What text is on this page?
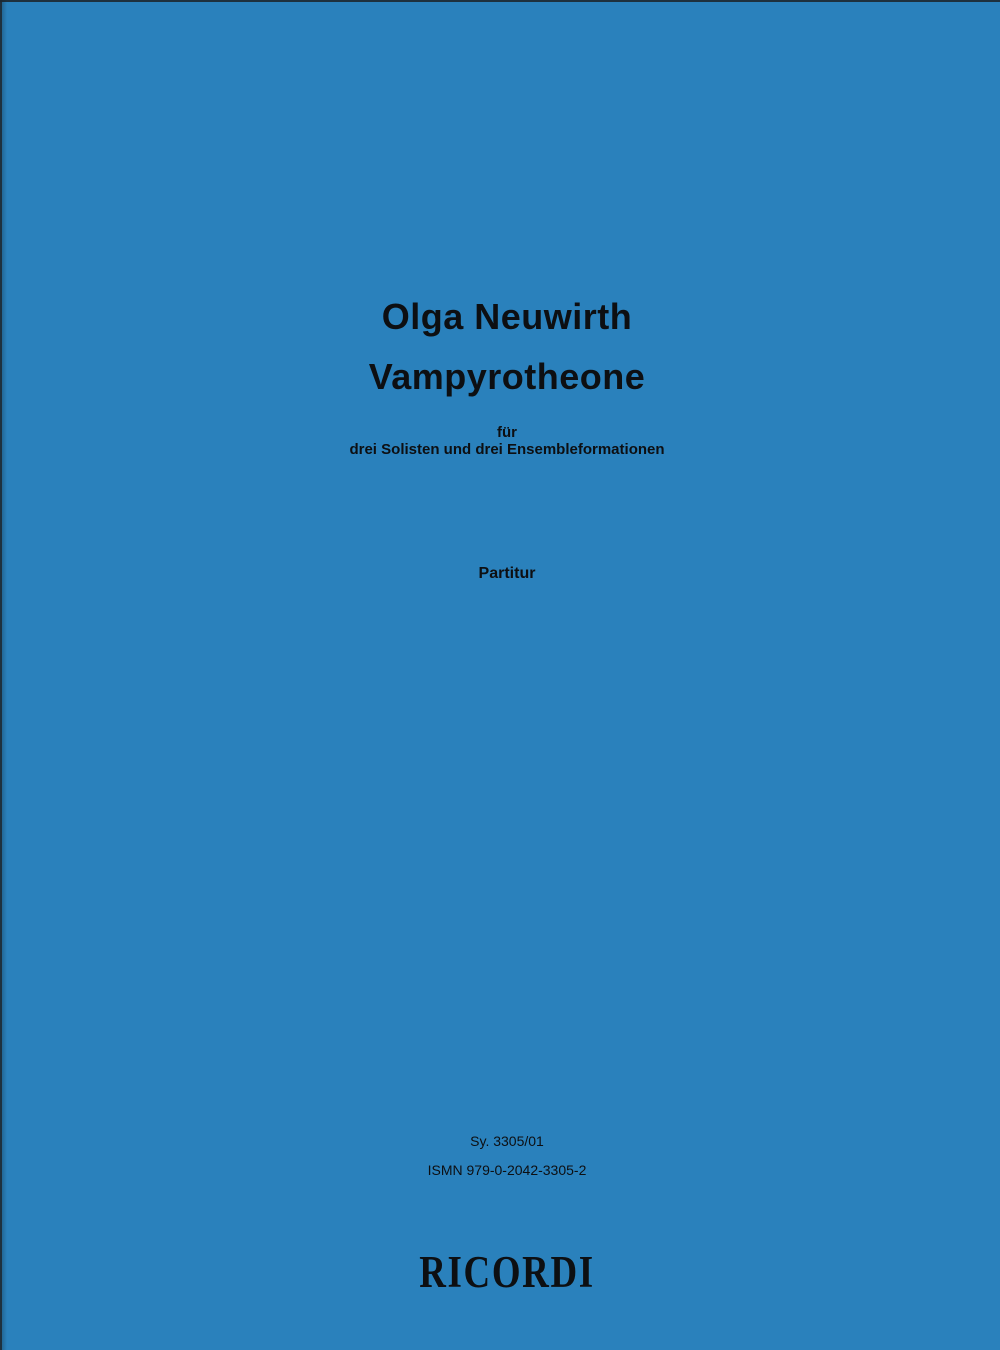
Olga Neuwirth
Vampyrotheone
für
drei Solisten und drei Ensembleformationen
Partitur
Sy. 3305/01
ISMN 979-0-2042-3305-2
RICORDI
